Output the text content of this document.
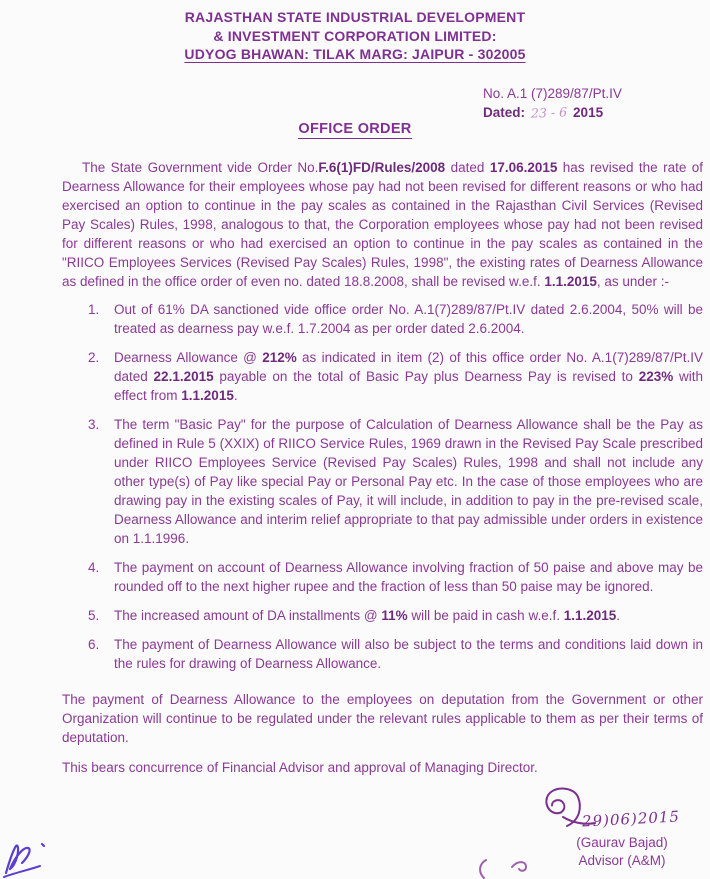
RAJASTHAN STATE INDUSTRIAL DEVELOPMENT
& INVESTMENT CORPORATION LIMITED:
UDYOG BHAWAN: TILAK MARG: JAIPUR - 302005
No. A.1 (7)289/87/Pt.IV
Dated: 23 - 6 2015
OFFICE ORDER
The State Government vide Order No.F.6(1)FD/Rules/2008 dated 17.06.2015 has revised the rate of Dearness Allowance for their employees whose pay had not been revised for different reasons or who had exercised an option to continue in the pay scales as contained in the Rajasthan Civil Services (Revised Pay Scales) Rules, 1998, analogous to that, the Corporation employees whose pay had not been revised for different reasons or who had exercised an option to continue in the pay scales as contained in the "RIICO Employees Services (Revised Pay Scales) Rules, 1998", the existing rates of Dearness Allowance as defined in the office order of even no. dated 18.8.2008, shall be revised w.e.f. 1.1.2015, as under :-
1.	Out of 61% DA sanctioned vide office order No. A.1(7)289/87/Pt.IV dated 2.6.2004, 50% will be treated as dearness pay w.e.f. 1.7.2004 as per order dated 2.6.2004.
2.	Dearness Allowance @ 212% as indicated in item (2) of this office order No. A.1(7)289/87/Pt.IV dated 22.1.2015 payable on the total of Basic Pay plus Dearness Pay is revised to 223% with effect from 1.1.2015.
3.	The term "Basic Pay" for the purpose of Calculation of Dearness Allowance shall be the Pay as defined in Rule 5 (XXIX) of RIICO Service Rules, 1969 drawn in the Revised Pay Scale prescribed under RIICO Employees Service (Revised Pay Scales) Rules, 1998 and shall not include any other type(s) of Pay like special Pay or Personal Pay etc. In the case of those employees who are drawing pay in the existing scales of Pay, it will include, in addition to pay in the pre-revised scale, Dearness Allowance and interim relief appropriate to that pay admissible under orders in existence on 1.1.1996.
4.	The payment on account of Dearness Allowance involving fraction of 50 paise and above may be rounded off to the next higher rupee and the fraction of less than 50 paise may be ignored.
5.	The increased amount of DA installments @ 11% will be paid in cash w.e.f. 1.1.2015.
6.	The payment of Dearness Allowance will also be subject to the terms and conditions laid down in the rules for drawing of Dearness Allowance.
The payment of Dearness Allowance to the employees on deputation from the Government or other Organization will continue to be regulated under the relevant rules applicable to them as per their terms of deputation.
This bears concurrence of Financial Advisor and approval of Managing Director.
29)06)2015
(Gaurav Bajad)
Advisor (A&M)
